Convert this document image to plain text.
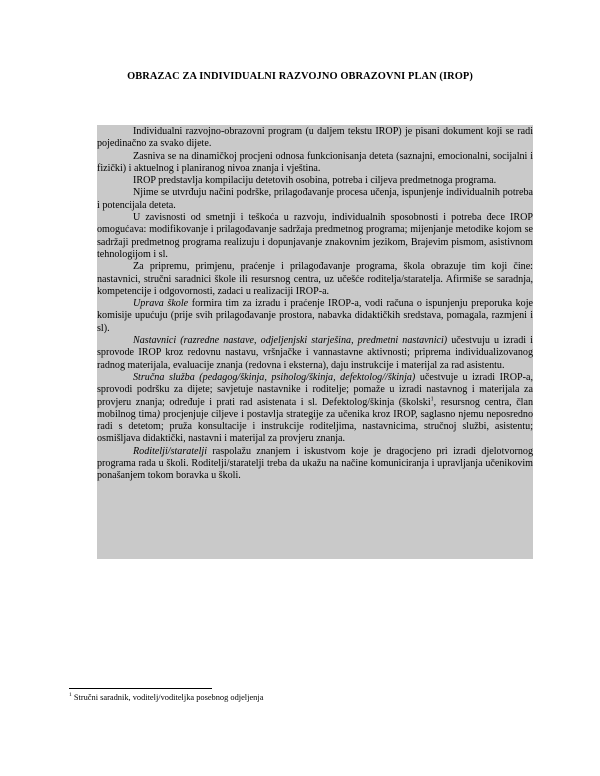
OBRAZAC ZA INDIVIDUALNI RAZVOJNO OBRAZOVNI PLAN (IROP)

Individualni razvojno-obrazovni program (u daljem tekstu IROP) je pisani dokument koji se radi pojedinačno za svako dijete.

Zasniva se na dinamičkoj procjeni odnosa funkcionisanja deteta (saznajni, emocionalni, socijalni i fizički) i aktuelnog i planiranog nivoa znanja i vještina.

IROP predstavlja kompilaciju detetovih osobina, potreba i ciljeva predmetnoga programa.

Njime se utvrđuju načini podrške, prilagođavanje procesa učenja, ispunjenje individualnih potreba i potencijala deteta.

U zavisnosti od smetnji i teškoća u razvoju, individualnih sposobnosti i potreba đece IROP omogućava: modifikovanje i prilagođavanje sadržaja predmetnog programa; mijenjanje metodike kojom se sadržaji predmetnog programa realizuju i dopunjavanje znakovnim jezikom, Brajevim pismom, asistivnom tehnologijom i sl.

Za pripremu, primjenu, praćenje i prilagođavanje programa, škola obrazuje tim koji čine: nastavnici, stručni saradnici škole ili resursnog centra, uz učešće roditelja/staratelja. Afirmiše se saradnja, kompetencije i odgovornosti, zadaci u realizaciji IROP-a.

Uprava škole formira tim za izradu i praćenje IROP-a, vodi računa o ispunjenju preporuka koje komisije upućuju (prije svih prilagođavanje prostora, nabavka didaktičkih sredstava, pomagala, razmjeni i sl).

Nastavnici (razredne nastave, odjeljenjski starješina, predmetni nastavnici) učestvuju u izradi i sprovode IROP kroz redovnu nastavu, vršnjačke i vannastavne aktivnosti; priprema individualizovanog radnog materijala, evaluacije znanja (redovna i eksterna), daju instrukcije i materijal za rad asistentu.

Stručna služba (pedagog/škinja, psiholog/škinja, defektolog//škinja) učestvuje u izradi IROP-a, sprovodi podršku za dijete; savjetuje nastavnike i roditelje; pomaže u izradi nastavnog i materijala za provjeru znanja; određuje i prati rad asistenata i sl. Defektolog/škinja (školski$^1$, resursnog centra, član mobilnog tima) procjenjuje ciljeve i postavlja strategije za učenika kroz IROP, saglasno njemu neposredno radi s detetom; pruža konsultacije i instrukcije roditeljima, nastavnicima, stručnoj službi, asistentu; osmišljava didaktički, nastavni i materijal za provjeru znanja.

Roditelji/staratelji raspolažu znanjem i iskustvom koje je dragocjeno pri izradi djelotvornog programa rada u školi. Roditelji/staratelji treba da ukažu na načine komuniciranja i upravljanja učenikovim ponašanjem tokom boravka u školi.

$^1$ Stručni saradnik, voditelj/voditeljka posebnog odjeljenja
